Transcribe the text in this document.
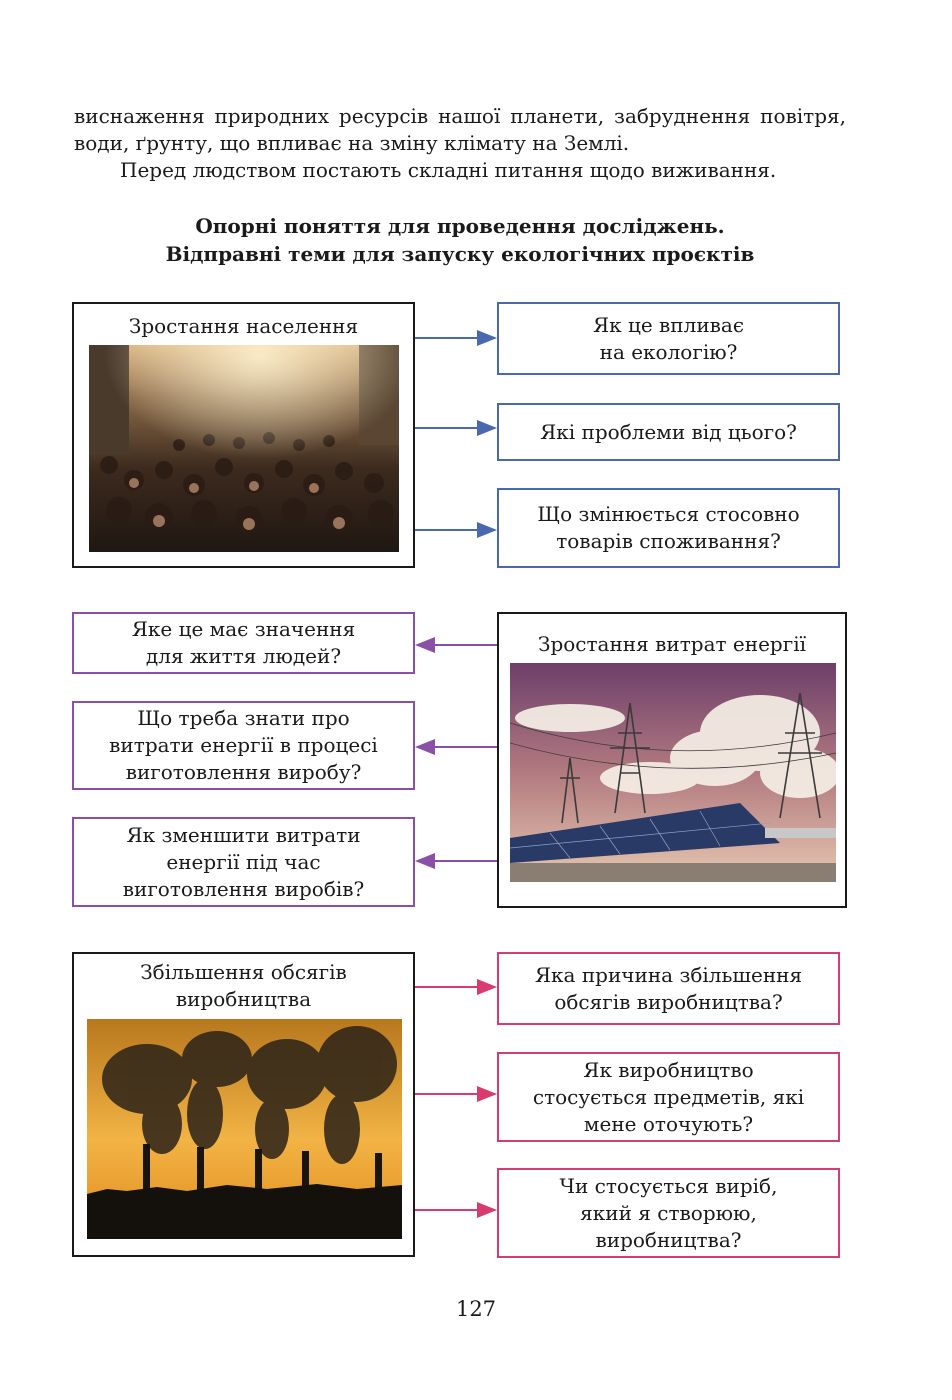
виснаження природних ресурсів нашої планети, забруднення повітря, води, ґрунту, що впливає на зміну клімату на Землі.

Перед людством постають складні питання щодо виживання.

Опорні поняття для проведення досліджень.
Відправні теми для запуску екологічних проєктів
Зростання населення	Як це впливає
на екологію?
Які проблеми від цього?
Що змінюється стосовно
товарів споживання?
Яке це має значення
для життя людей?
Що треба знати про
витрати енергії в процесі
виготовлення виробу?
Як зменшити витрати
енергії під час
виготовлення виробів?
Зростання витрат енергії
Збільшення обсягів
виробництва
Яка причина збільшення
обсягів виробництва?
Як виробництво
стосується предметів, які
мене оточують?
Чи стосується виріб,
який я створюю,
виробництва?
127
